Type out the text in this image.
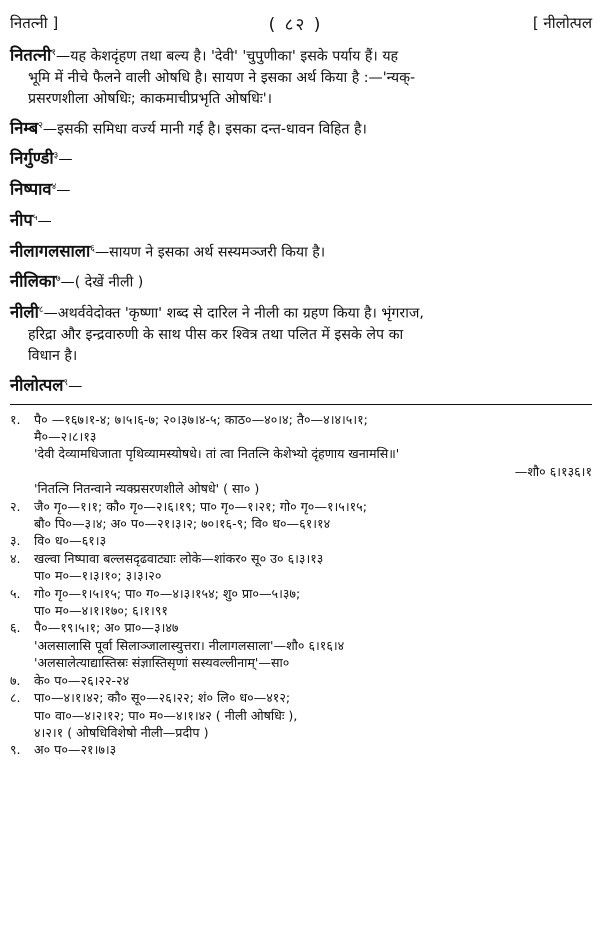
नितत्नी ]	( ८२ )	[ नीलोत्पल
नितत्नी$^१$—यह केशदृंहण तथा बल्य है। 'देवी' 'चुपुणीका' इसके पर्याय हैं। यह
भूमि में नीचे फैलने वाली ओषधि है। सायण ने इसका अर्थ किया है :—'न्यक्-
प्रसरणशीला ओषधिः; काकमाचीप्रभृति ओषधिः'।
निम्ब$^२$—इसकी समिधा वर्ज्य मानी गई है। इसका दन्त-धावन विहित है।
निर्गुण्डी$^३$—
निष्पाव$^४$—
नीप$^५$—
नीलागलसाला$^६$—सायण ने इसका अर्थ सस्यमञ्जरी किया है।
नीलिका$^७$—( देखें नीली )
नीली$^८$—अथर्ववेदोक्त 'कृष्णा' शब्द से दारिल ने नीली का ग्रहण किया है। भृंगराज,
हरिद्रा और इन्द्रवारुणी के साथ पीस कर श्वित्र तथा पलित में इसके लेप का
विधान है।
नीलोत्पल$^९$—
१. पै० —१६७।१-४; ७।५।६-७; २०।३७।४-५; काठ०—४०।४; तै०—४।४।५।१;
मै०—२।८।१३
'देवी देव्यामधिजाता पृथिव्यामस्योषधे। तां त्वा नितत्नि केशेभ्यो दृंहणाय खनामसि॥'
—शौ० ६।१३६।१
'नितत्नि नितन्वाने न्यक्प्रसरणशीले ओषधे' ( सा० )
२. जै० गृ०—१।१; कौ० गृ०—२।६।१९; पा० गृ०—१।२१; गो० गृ०—१।५।१५;
बौ० पि०—३।४; अ० प०—२१।३।२; ७०।१६-९; वि० ध०—६१।१४
३. वि० ध०—६१।३
४. खल्वा निष्पावा बल्लसदृढवाट्याः लोके—शांकर० सू० उ० ६।३।१३
पा० म०—१।३।१०; ३।३।२०
५. गो० गृ०—१।५।१५; पा० ग०—४।३।१५४; शु० प्रा०—५।३७;
पा० म०—४।१।१७०; ६।१।९१
६. पै०—१९।५।१; अ० प्रा०—३।४७
'अलसालासि पूर्वा सिलाञ्जालास्युत्तरा। नीलागलसाला'—शौ० ६।१६।४
'अलसालेत्याद्यास्तिस्रः संज्ञास्तिसृणां सस्यवल्लीनाम्'—सा०
७. के० प०—२६।२२-२४
८. पा०—४।१।४२; कौ० सू०—२६।२२; शं० लि० ध०—४१२;
पा० वा०—४।२।१२; पा० म०—४।१।४२ ( नीली ओषधिः ),
४।२।१ ( ओषधिविशेषो नीली—प्रदीप )
९. अ० प०—२१।७।३
